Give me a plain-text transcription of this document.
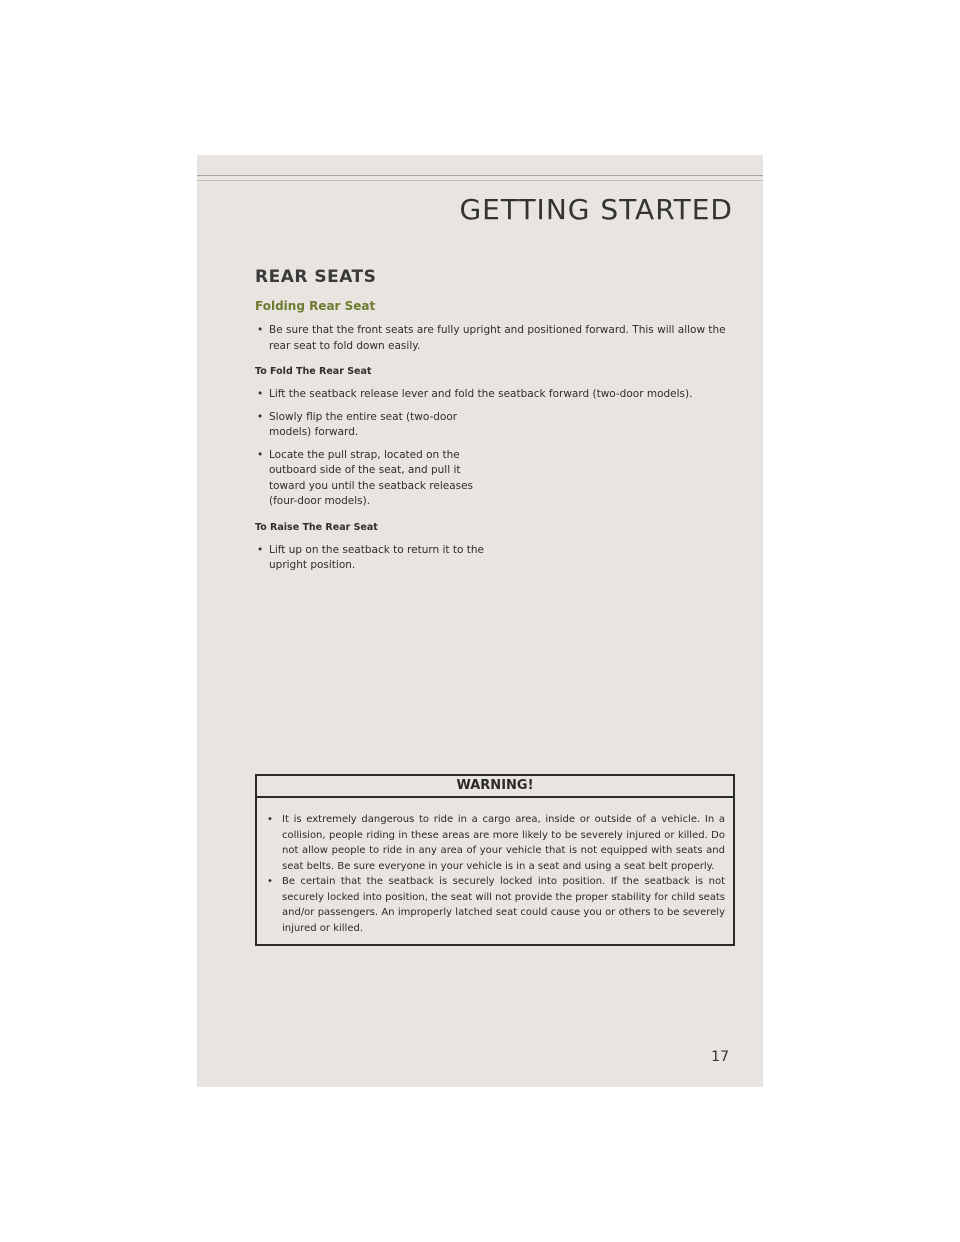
GETTING STARTED
REAR SEATS
Folding Rear Seat
• Be sure that the front seats are fully upright and positioned forward. This will allow the rear seat to fold down easily.
To Fold The Rear Seat
• Lift the seatback release lever and fold the seatback forward (two-door models).
• Slowly flip the entire seat (two-door models) forward.
• Locate the pull strap, located on the outboard side of the seat, and pull it toward you until the seatback releases (four-door models).
To Raise The Rear Seat
• Lift up on the seatback to return it to the upright position.
WARNING!
• It is extremely dangerous to ride in a cargo area, inside or outside of a vehicle. In a collision, people riding in these areas are more likely to be severely injured or killed. Do not allow people to ride in any area of your vehicle that is not equipped with seats and seat belts. Be sure everyone in your vehicle is in a seat and using a seat belt properly.
• Be certain that the seatback is securely locked into position. If the seatback is not securely locked into position, the seat will not provide the proper stability for child seats and/or passengers. An improperly latched seat could cause you or others to be severely injured or killed.
17
